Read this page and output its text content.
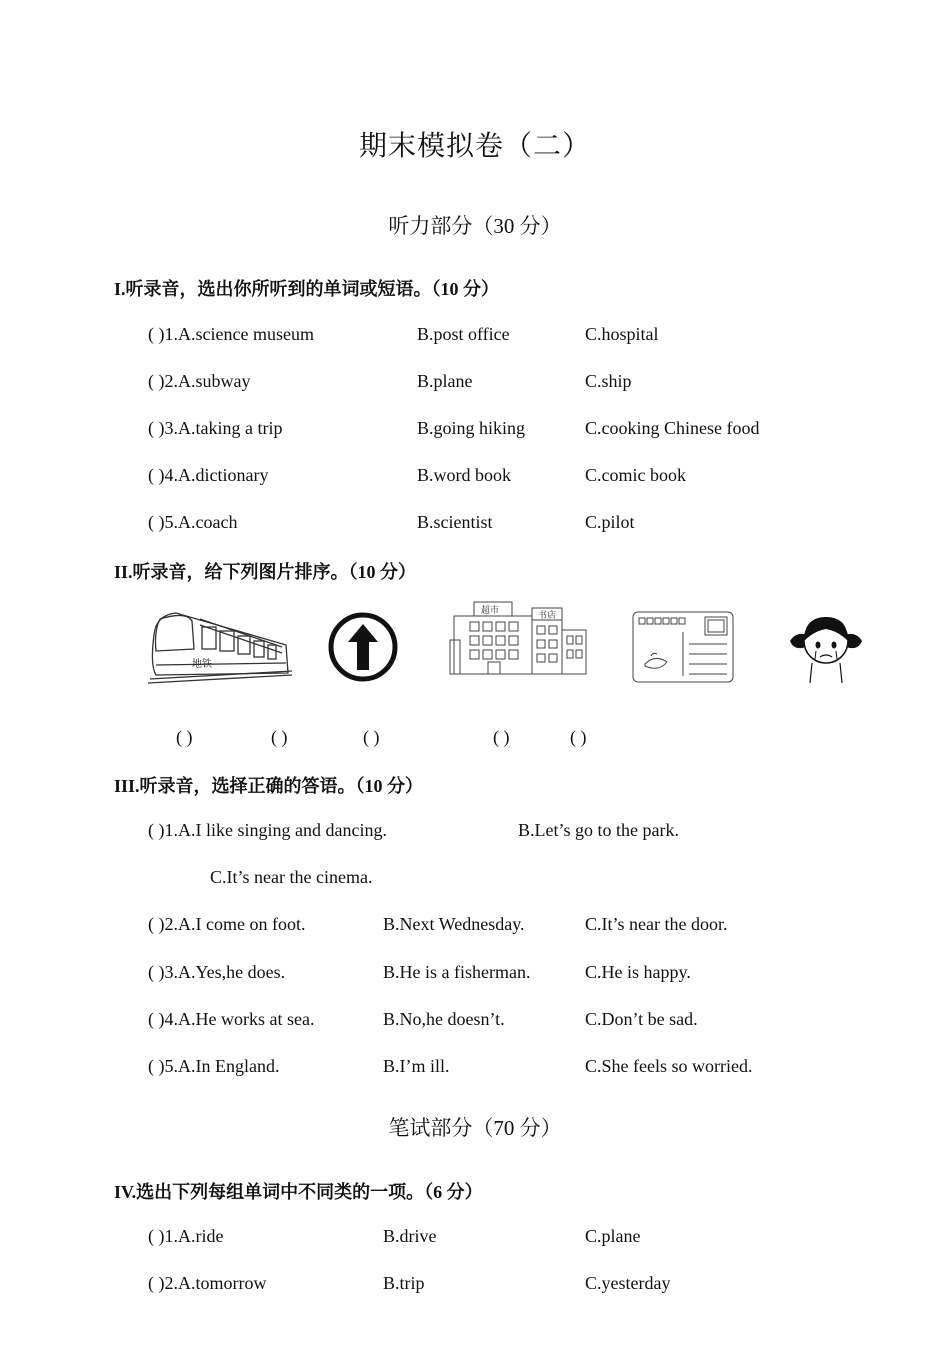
期末模拟卷（二）
听力部分（30 分）
I.听录音，选出你所听到的单词或短语。（10 分）
( )1.A.science museum	B.post office	C.hospital
( )2.A.subway	B.plane	C.ship
( )3.A.taking a trip	B.going hiking	C.cooking Chinese food
( )4.A.dictionary	B.word book	C.comic book
( )5.A.coach	B.scientist	C.pilot
II.听录音，给下列图片排序。（10 分）
地铁
超市	书店
( )	( )	( )	( )	( )
III.听录音，选择正确的答语。（10 分）
( )1.A.I like singing and dancing.	B.Let’s go to the park.
C.It’s near the cinema.
( )2.A.I come on foot.	B.Next Wednesday.	C.It’s near the door.
( )3.A.Yes,he does.	B.He is a fisherman.	C.He is happy.
( )4.A.He works at sea.	B.No,he doesn’t.	C.Don’t be sad.
( )5.A.In England.	B.I’m ill.	C.She feels so worried.
笔试部分（70 分）
IV.选出下列每组单词中不同类的一项。（6 分）
( )1.A.ride	B.drive	C.plane
( )2.A.tomorrow	B.trip	C.yesterday
